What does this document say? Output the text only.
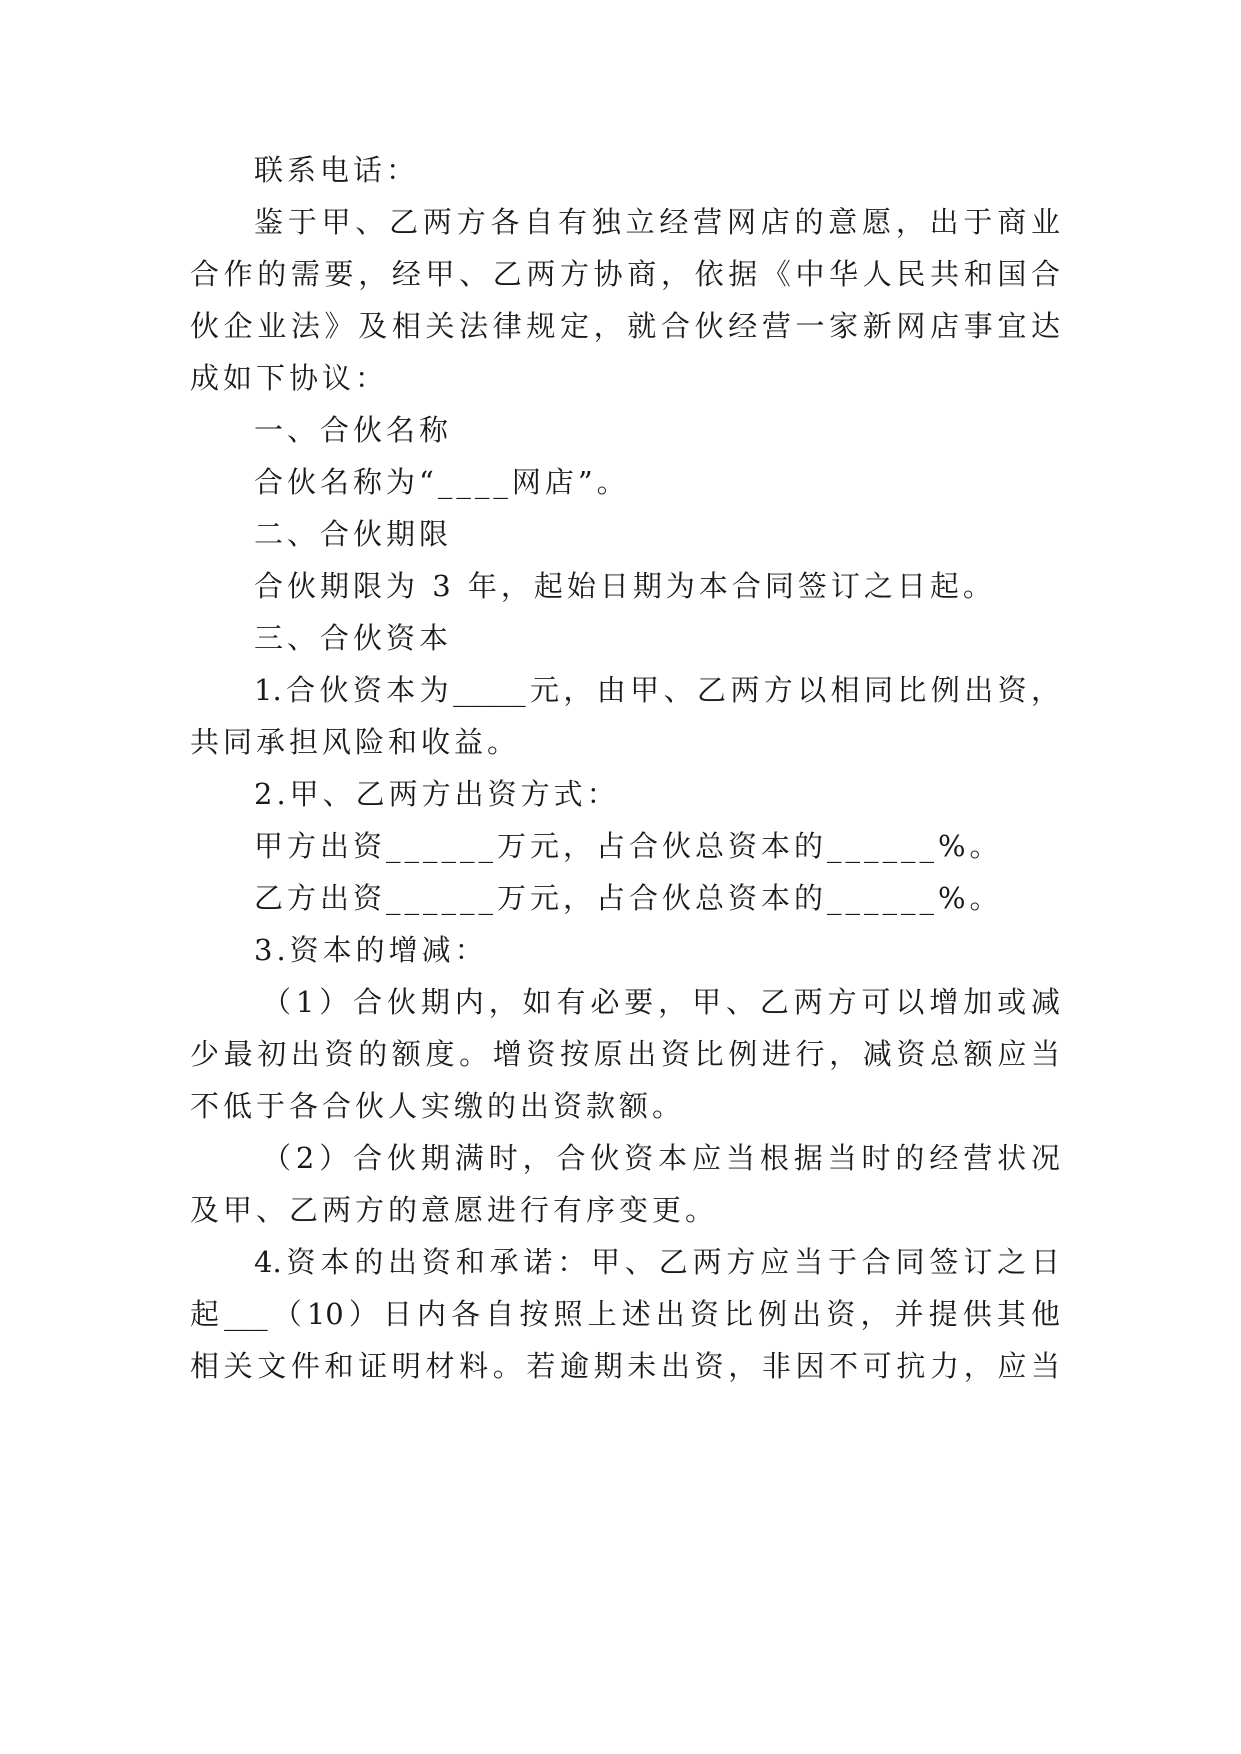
联系电话：
鉴于甲、乙两方各自有独立经营网店的意愿，出于商业
合作的需要，经甲、乙两方协商，依据《中华人民共和国合
伙企业法》及相关法律规定，就合伙经营一家新网店事宜达
成如下协议：
一、合伙名称
合伙名称为“____网店”。
二、合伙期限
合伙期限为 3 年，起始日期为本合同签订之日起。
三、合伙资本
1.合伙资本为_____元，由甲、乙两方以相同比例出资，
共同承担风险和收益。
2.甲、乙两方出资方式：
甲方出资______万元，占合伙总资本的______%。
乙方出资______万元，占合伙总资本的______%。
3.资本的增减：
（1）合伙期内，如有必要，甲、乙两方可以增加或减
少最初出资的额度。增资按原出资比例进行，减资总额应当
不低于各合伙人实缴的出资款额。
（2）合伙期满时，合伙资本应当根据当时的经营状况
及甲、乙两方的意愿进行有序变更。
4.资本的出资和承诺：甲、乙两方应当于合同签订之日
起___（10）日内各自按照上述出资比例出资，并提供其他
相关文件和证明材料。若逾期未出资，非因不可抗力，应当
